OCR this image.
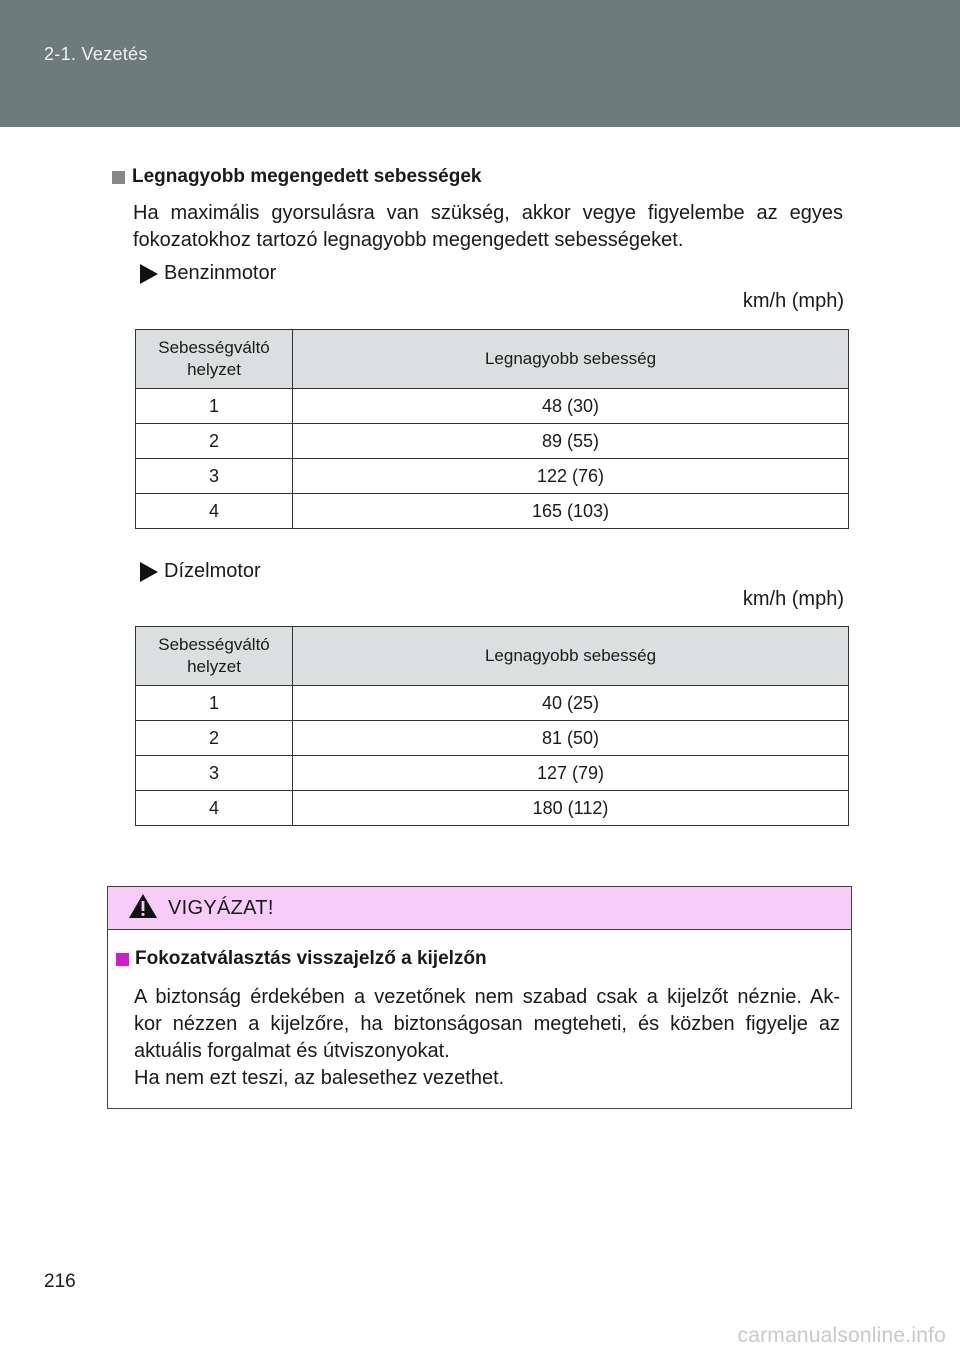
2-1. Vezetés
Legnagyobb megengedett sebességek
Ha maximális gyorsulásra van szükség, akkor vegye figyelembe az egyes fokozatokhoz tartozó legnagyobb megengedett sebességeket.
Benzinmotor
km/h (mph)
Sebességváltó
helyzet	Legnagyobb sebesség
1	48 (30)
2	89 (55)
3	122 (76)
4	165 (103)
Dízelmotor
km/h (mph)
Sebességváltó
helyzet	Legnagyobb sebesség
1	40 (25)
2	81 (50)
3	127 (79)
4	180 (112)
VIGYÁZAT!
Fokozatválasztás visszajelző a kijelzőn
A biztonság érdekében a vezetőnek nem szabad csak a kijelzőt néznie. Ak-
kor nézzen a kijelzőre, ha biztonságosan megteheti, és közben figyelje az
aktuális forgalmat és útviszonyokat.
Ha nem ezt teszi, az balesethez vezethet.
216
carmanualsonline.info
